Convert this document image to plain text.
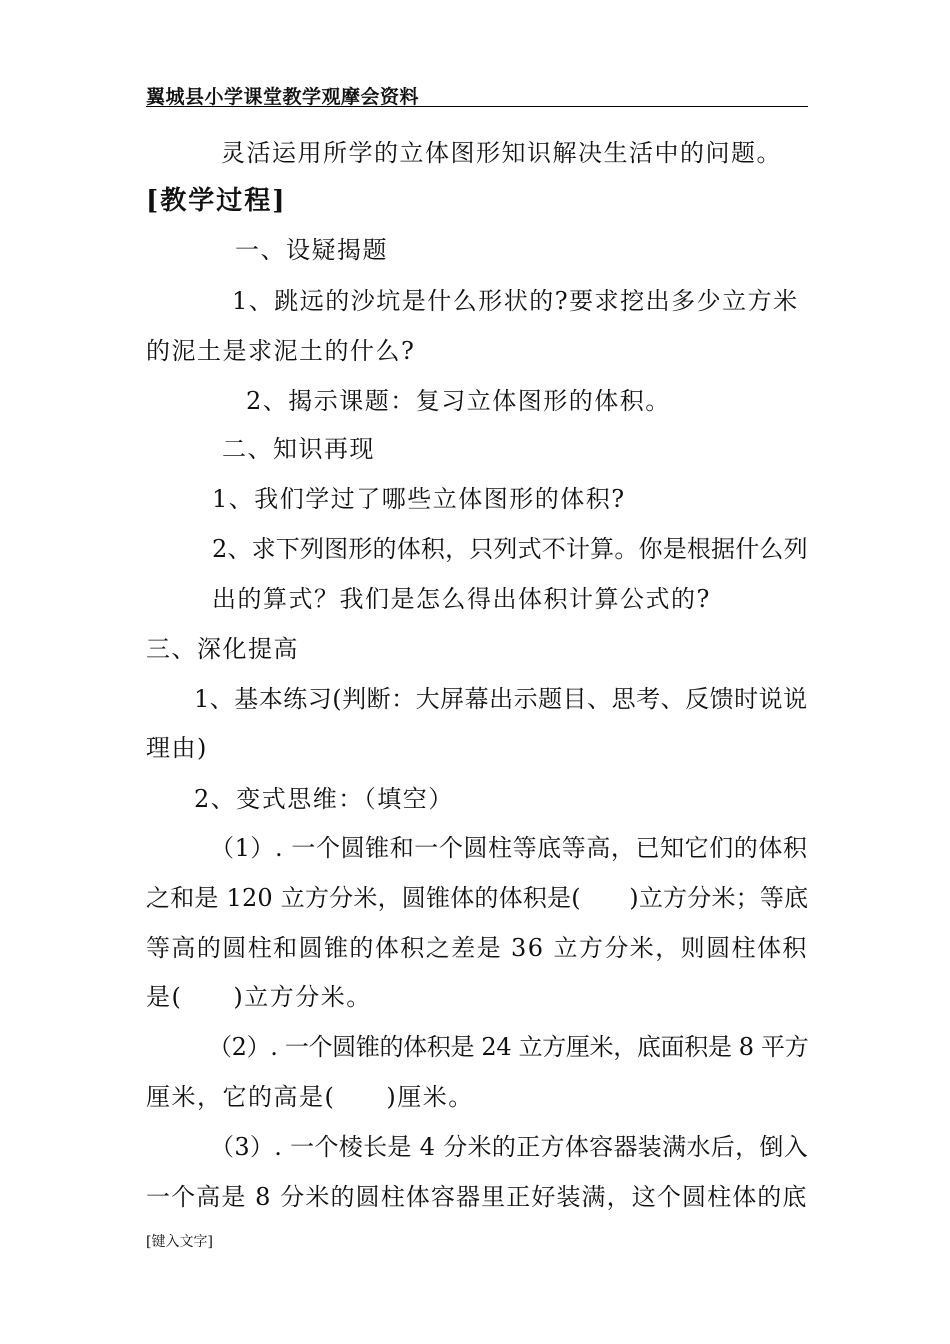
翼城县小学课堂教学观摩会资料
灵活运用所学的立体图形知识解决生活中的问题。
[教学过程]
一、设疑揭题
1、跳远的沙坑是什么形状的?要求挖出多少立方米
的泥土是求泥土的什么?
2、揭示课题：复习立体图形的体积。
二、知识再现
1、我们学过了哪些立体图形的体积?
2、求下列图形的体积，只列式不计算。你是根据什么列
出的算式？我们是怎么得出体积计算公式的?
三、深化提高
1、基本练习(判断：大屏幕出示题目、思考、反馈时说说
理由)
2、变式思维：（填空）
（1）. 一个圆锥和一个圆柱等底等高，已知它们的体积
之和是 120 立方分米，圆锥体的体积是(　　)立方分米；等底
等高的圆柱和圆锥的体积之差是 36 立方分米，则圆柱体积
是(　　)立方分米。
（2）. 一个圆锥的体积是 24 立方厘米，底面积是 8 平方
厘米，它的高是(　　)厘米。
（3）. 一个棱长是 4 分米的正方体容器装满水后，倒入
一个高是 8 分米的圆柱体容器里正好装满，这个圆柱体的底
[键入文字]
